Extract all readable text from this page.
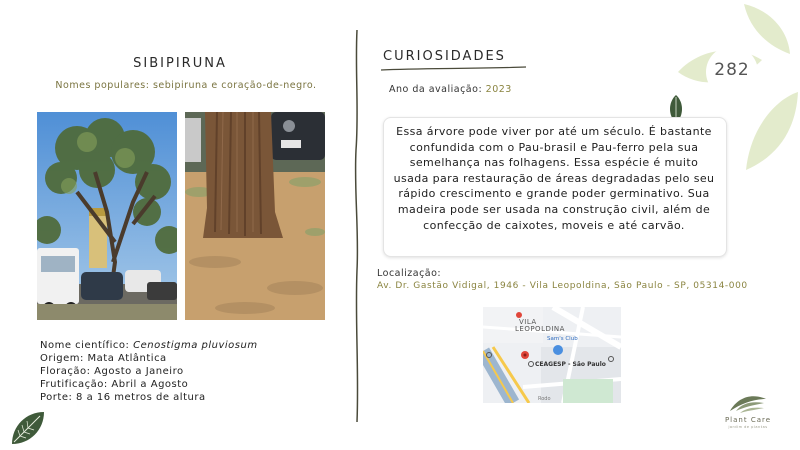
282
SIBIPIRUNA
Nomes populares: sebipiruna e coração-de-negro.
Nome científico: Cenostigma pluviosum
Origem: Mata Atlântica
Floração: Agosto a Janeiro
Frutificação: Abril a Agosto
Porte: 8 a 16 metros de altura
CURIOSIDADES
Ano da avaliação: 2023
Essa árvore pode viver por até um século. É bastante confundida com o Pau-brasil e Pau-ferro pela sua semelhança nas folhagens. Essa espécie é muito usada para restauração de áreas degradadas pelo seu rápido crescimento e grande poder germinativo. Sua madeira pode ser usada na construção civil, além de confecção de caixotes, moveis e até carvão.
Localização:
Av. Dr. Gastão Vidigal, 1946 - Vila Leopoldina, São Paulo - SP, 05314-000
VILA
LEOPOLDINA
Sam's Club
CEAGESP - São Paulo
Rodo
Plant Care
jardim de plantas
